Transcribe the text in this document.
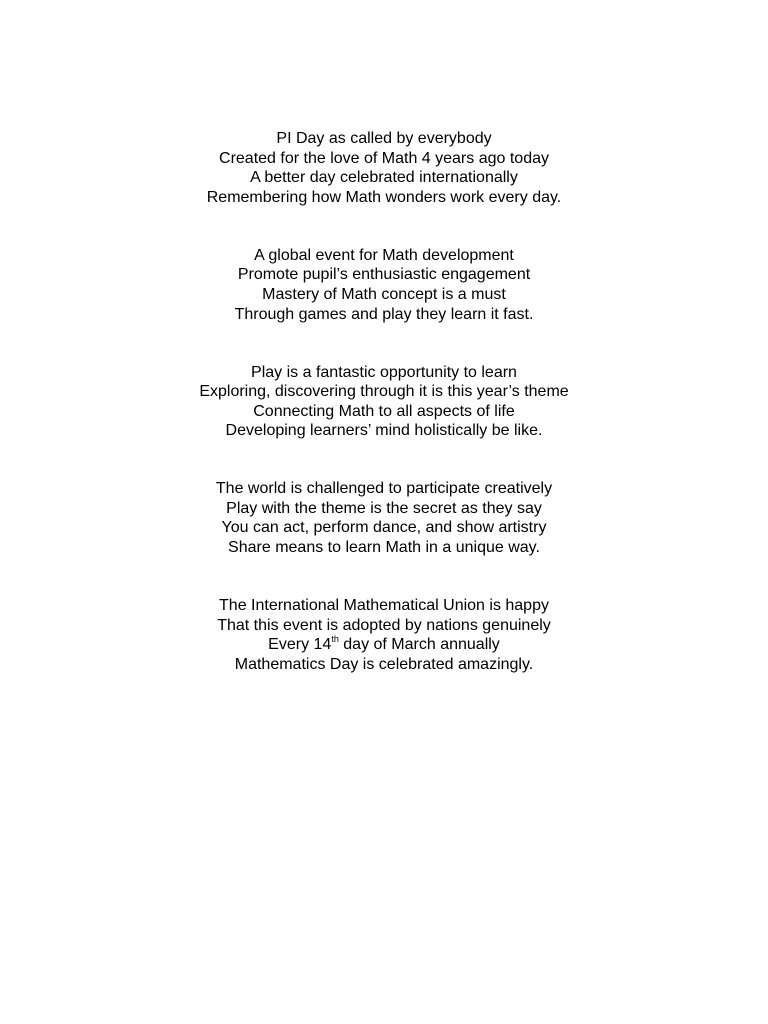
PI Day as called by everybody
Created for the love of Math 4 years ago today
A better day celebrated internationally
Remembering how Math wonders work every day.
A global event for Math development
Promote pupil’s enthusiastic engagement
Mastery of Math concept is a must
Through games and play they learn it fast.
Play is a fantastic opportunity to learn
Exploring, discovering through it is this year’s theme
Connecting Math to all aspects of life
Developing learners’ mind holistically be like.
The world is challenged to participate creatively
Play with the theme is the secret as they say
You can act, perform dance, and show artistry
Share means to learn Math in a unique way.
The International Mathematical Union is happy
That this event is adopted by nations genuinely
Every 14th day of March annually
Mathematics Day is celebrated amazingly.
